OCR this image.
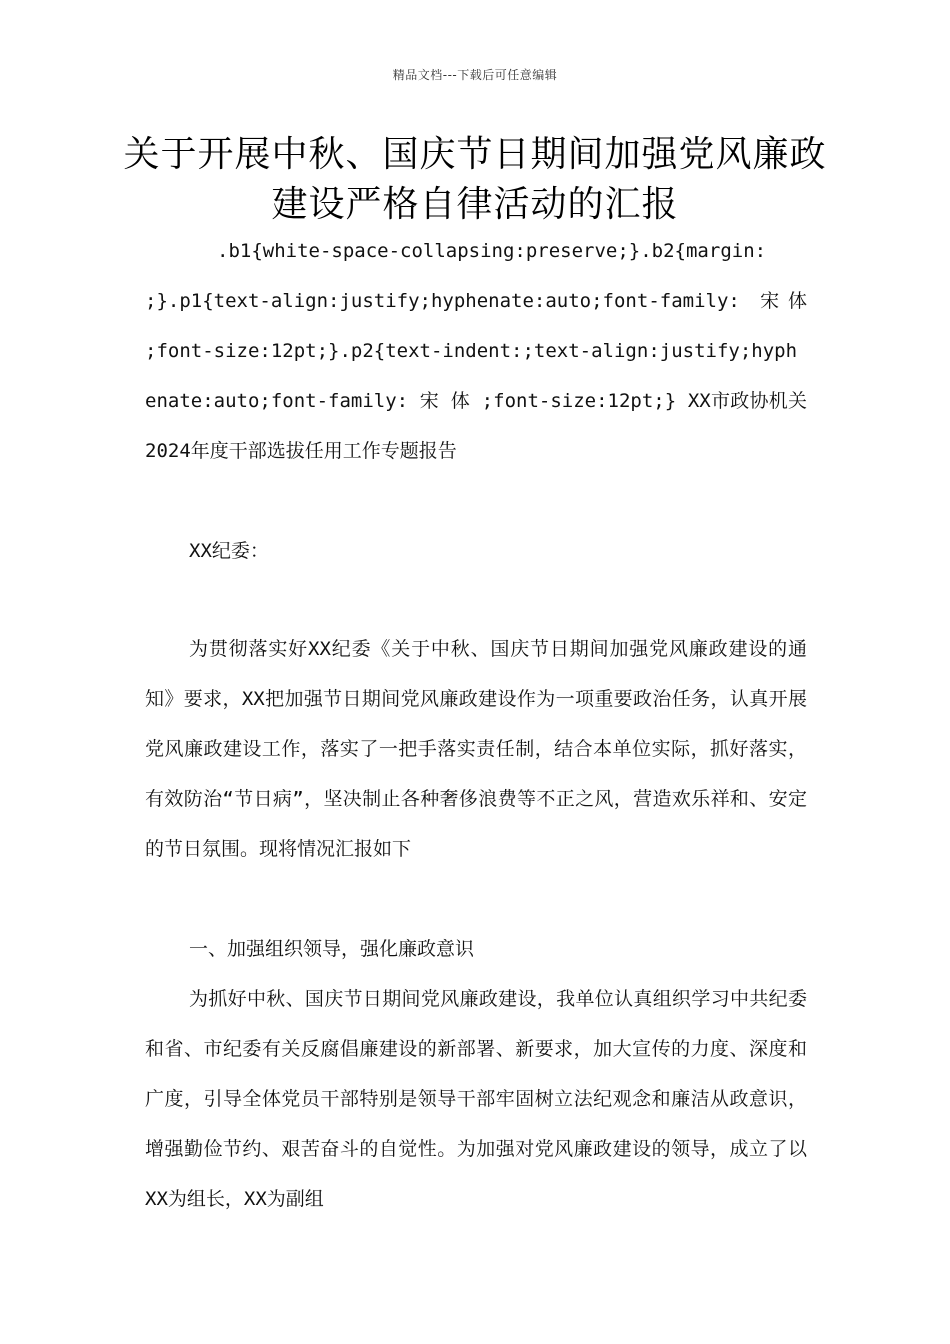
精品文档---下载后可任意编辑
关于开展中秋、国庆节日期间加强党风廉政建设严格自律活动的汇报

.b1{white-space-collapsing:preserve;}.b2{margin: ;}.p1{text-align:justify;hyphenate:auto;font-family: 宋体 ;font-size:12pt;}.p2{text-indent:;text-align:justify;hyphenate:auto;font-family: 宋 体 ;font-size:12pt;} XX市政协机关2024年度干部选拔任用工作专题报告

XX纪委：

为贯彻落实好XX纪委《关于中秋、国庆节日期间加强党风廉政建设的通知》要求，XX把加强节日期间党风廉政建设作为一项重要政治任务，认真开展党风廉政建设工作，落实了一把手落实责任制，结合本单位实际，抓好落实，有效防治“节日病”，坚决制止各种奢侈浪费等不正之风，营造欢乐祥和、安定的节日氛围。现将情况汇报如下

一、加强组织领导，强化廉政意识

为抓好中秋、国庆节日期间党风廉政建设，我单位认真组织学习中共纪委和省、市纪委有关反腐倡廉建设的新部署、新要求，加大宣传的力度、深度和广度，引导全体党员干部特别是领导干部牢固树立法纪观念和廉洁从政意识，增强勤俭节约、艰苦奋斗的自觉性。为加强对党风廉政建设的领导，成立了以XX为组长，XX为副组
